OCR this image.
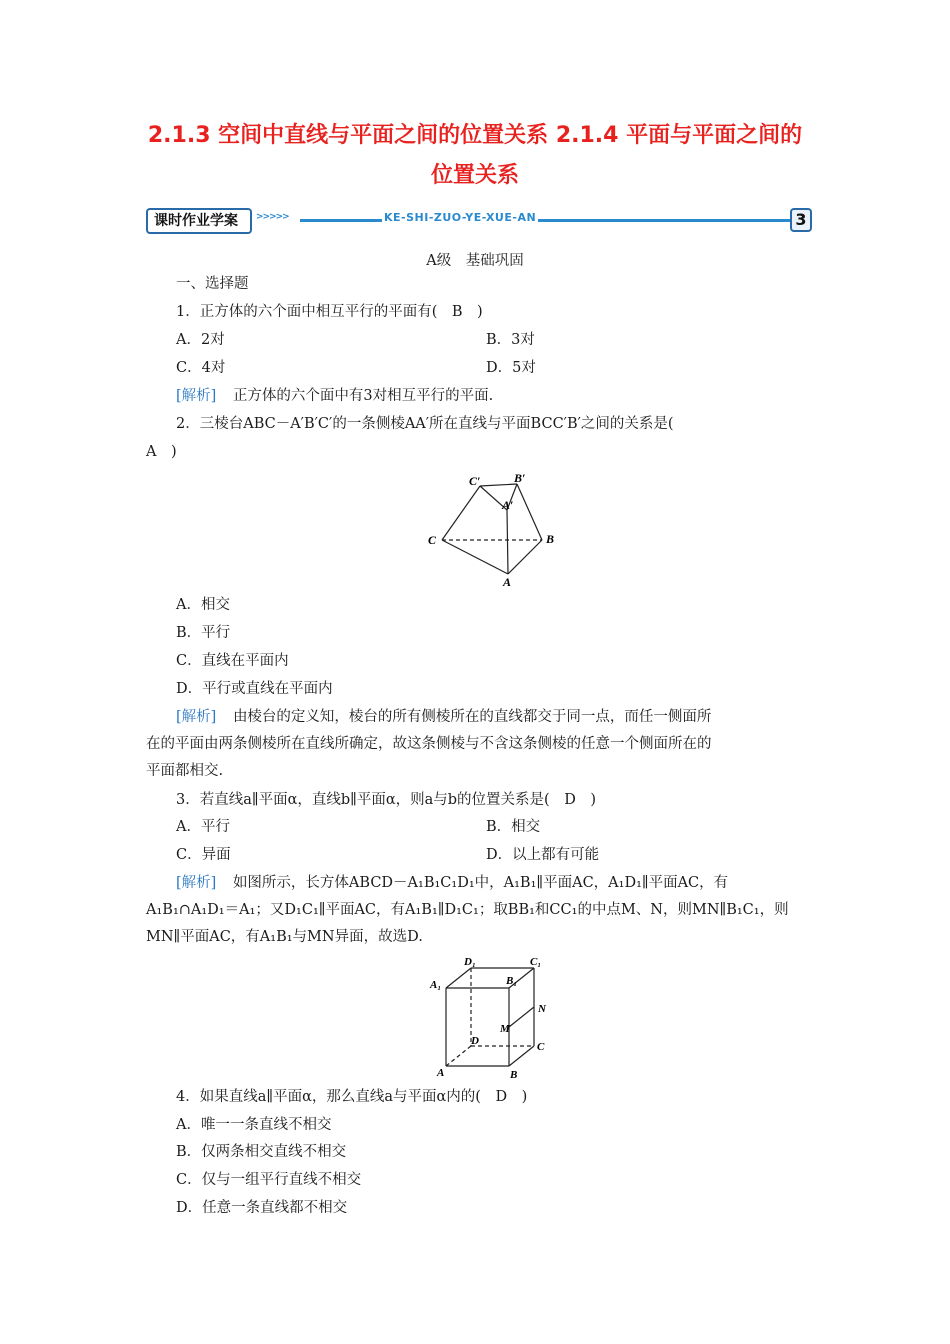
2.1.3 空间中直线与平面之间的位置关系 2.1.4 平面与平面之间的
位置关系
课时作业学案	>>>>>	KE-SHI-ZUO-YE-XUE-AN	3
A级　基础巩固
一、选择题
1．正方体的六个面中相互平行的平面有(　B　)
A．2对	B．3对
C．4对	D．5对
[解析] 正方体的六个面中有3对相互平行的平面.
2．三棱台ABC－A′B′C′的一条侧棱AA′所在直线与平面BCC′B′之间的关系是(
A　)
C′	B′
A′
C	B
A
A．相交
B．平行
C．直线在平面内
D．平行或直线在平面内
[解析] 由棱台的定义知，棱台的所有侧棱所在的直线都交于同一点，而任一侧面所
在的平面由两条侧棱所在直线所确定，故这条侧棱与不含这条侧棱的任意一个侧面所在的
平面都相交.
3．若直线a∥平面α，直线b∥平面α，则a与b的位置关系是(　D　)
A．平行	B．相交
C．异面	D．以上都有可能
[解析] 如图所示，长方体ABCD－A₁B₁C₁D₁中，A₁B₁∥平面AC，A₁D₁∥平面AC，有
A₁B₁∩A₁D₁＝A₁；又D₁C₁∥平面AC，有A₁B₁∥D₁C₁；取BB₁和CC₁的中点M、N，则MN∥B₁C₁，则
MN∥平面AC，有A₁B₁与MN异面，故选D.
D₁	C₁
A₁	B₁
N
M
D	C
A	B
4．如果直线a∥平面α，那么直线a与平面α内的(　D　)
A．唯一一条直线不相交
B．仅两条相交直线不相交
C．仅与一组平行直线不相交
D．任意一条直线都不相交
